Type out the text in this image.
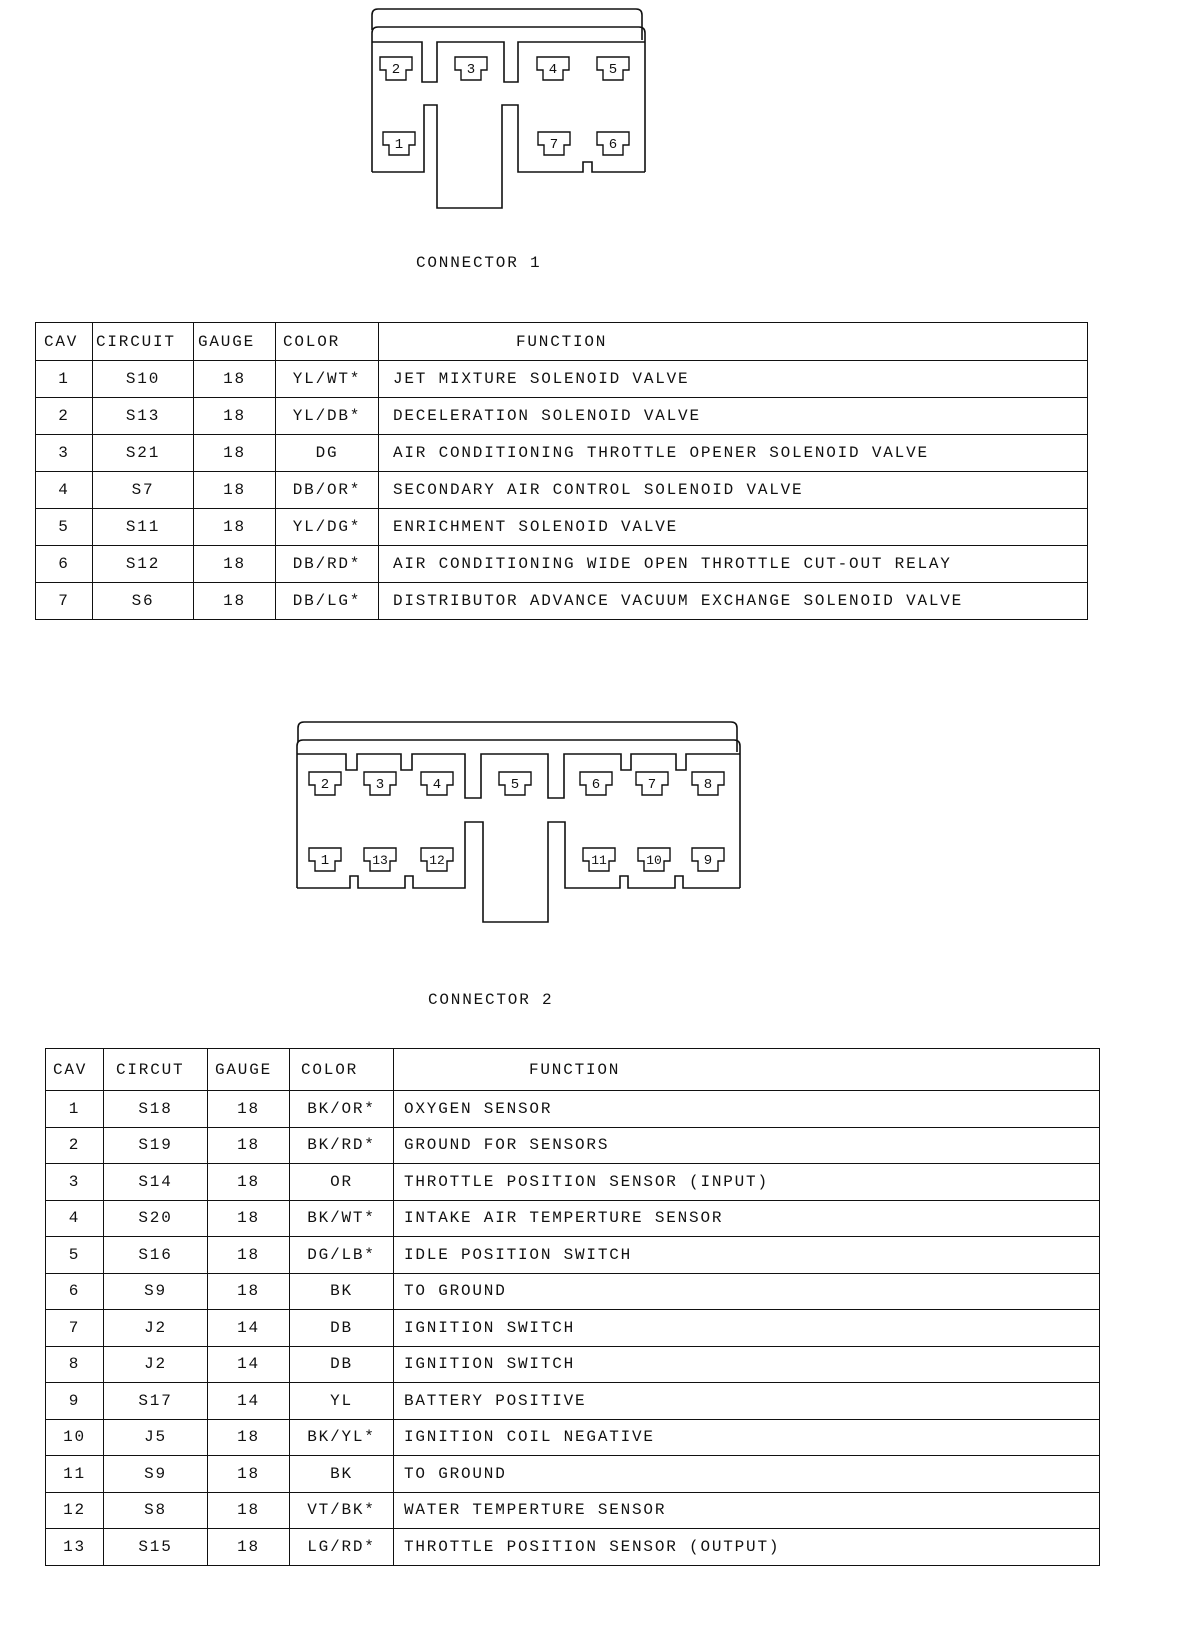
2	3	4	5
1	7	6
2	3	4	5	6	7	8
1	13	12	11	10	9
CONNECTOR 1
CAV	CIRCUIT	GAUGE	COLOR	FUNCTION
1	S10	18	YL/WT*	JET MIXTURE SOLENOID VALVE
2	S13	18	YL/DB*	DECELERATION SOLENOID VALVE
3	S21	18	DG	AIR CONDITIONING THROTTLE OPENER SOLENOID VALVE
4	S7	18	DB/OR*	SECONDARY AIR CONTROL SOLENOID VALVE
5	S11	18	YL/DG*	ENRICHMENT SOLENOID VALVE
6	S12	18	DB/RD*	AIR CONDITIONING WIDE OPEN THROTTLE CUT-OUT RELAY
7	S6	18	DB/LG*	DISTRIBUTOR ADVANCE VACUUM EXCHANGE SOLENOID VALVE
CONNECTOR 2
CAV	CIRCUT	GAUGE	COLOR	FUNCTION
1	S18	18	BK/OR*	OXYGEN SENSOR
2	S19	18	BK/RD*	GROUND FOR SENSORS
3	S14	18	OR	THROTTLE POSITION SENSOR (INPUT)
4	S20	18	BK/WT*	INTAKE AIR TEMPERTURE SENSOR
5	S16	18	DG/LB*	IDLE POSITION SWITCH
6	S9	18	BK	TO GROUND
7	J2	14	DB	IGNITION SWITCH
8	J2	14	DB	IGNITION SWITCH
9	S17	14	YL	BATTERY POSITIVE
10	J5	18	BK/YL*	IGNITION COIL NEGATIVE
11	S9	18	BK	TO GROUND
12	S8	18	VT/BK*	WATER TEMPERTURE SENSOR
13	S15	18	LG/RD*	THROTTLE POSITION SENSOR (OUTPUT)
